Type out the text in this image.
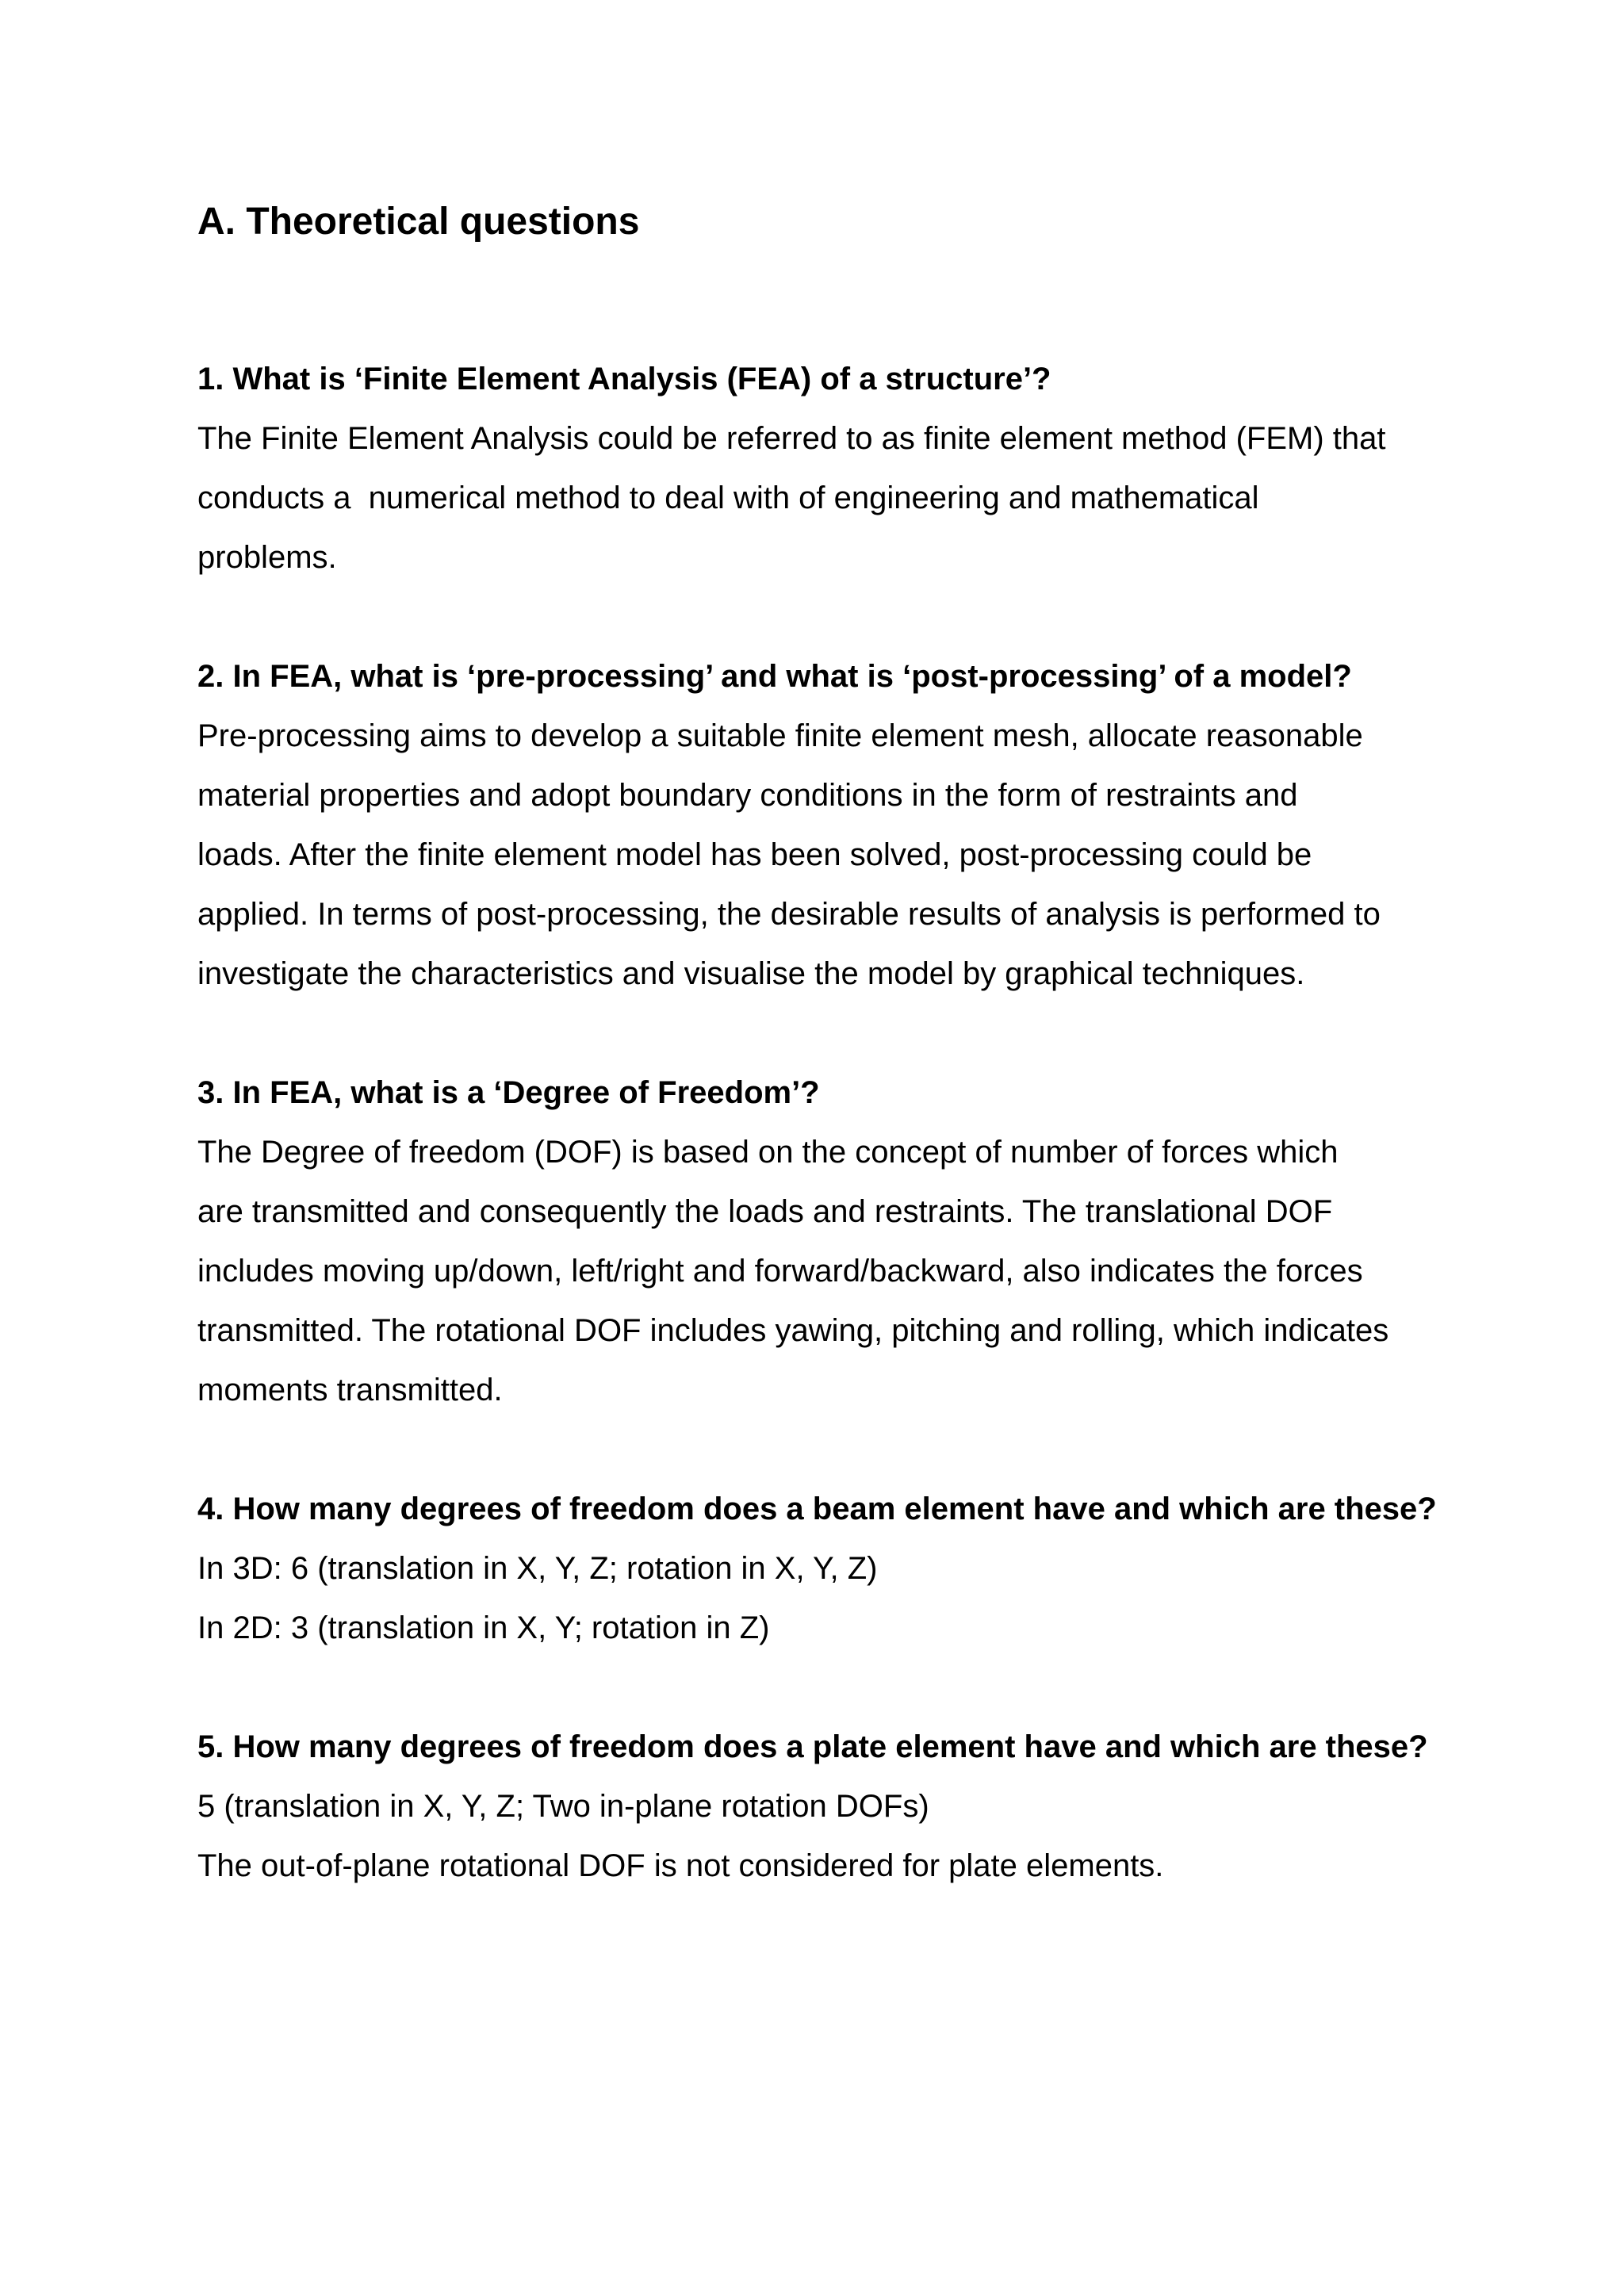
A. Theoretical questions

1. What is ‘Finite Element Analysis (FEA) of a structure’?

The Finite Element Analysis could be referred to as finite element method (FEM) that

conducts a  numerical method to deal with of engineering and mathematical

problems.

2. In FEA, what is ‘pre-processing’ and what is ‘post-processing’ of a model?

Pre-processing aims to develop a suitable finite element mesh, allocate reasonable

material properties and adopt boundary conditions in the form of restraints and

loads. After the finite element model has been solved, post-processing could be

applied. In terms of post-processing, the desirable results of analysis is performed to

investigate the characteristics and visualise the model by graphical techniques.

3. In FEA, what is a ‘Degree of Freedom’?

The Degree of freedom (DOF) is based on the concept of number of forces which

are transmitted and consequently the loads and restraints. The translational DOF

includes moving up/down, left/right and forward/backward, also indicates the forces

transmitted. The rotational DOF includes yawing, pitching and rolling, which indicates

moments transmitted.

4. How many degrees of freedom does a beam element have and which are these?

In 3D: 6 (translation in X, Y, Z; rotation in X, Y, Z)

In 2D: 3 (translation in X, Y; rotation in Z)

5. How many degrees of freedom does a plate element have and which are these?

5 (translation in X, Y, Z; Two in-plane rotation DOFs)

The out-of-plane rotational DOF is not considered for plate elements.
